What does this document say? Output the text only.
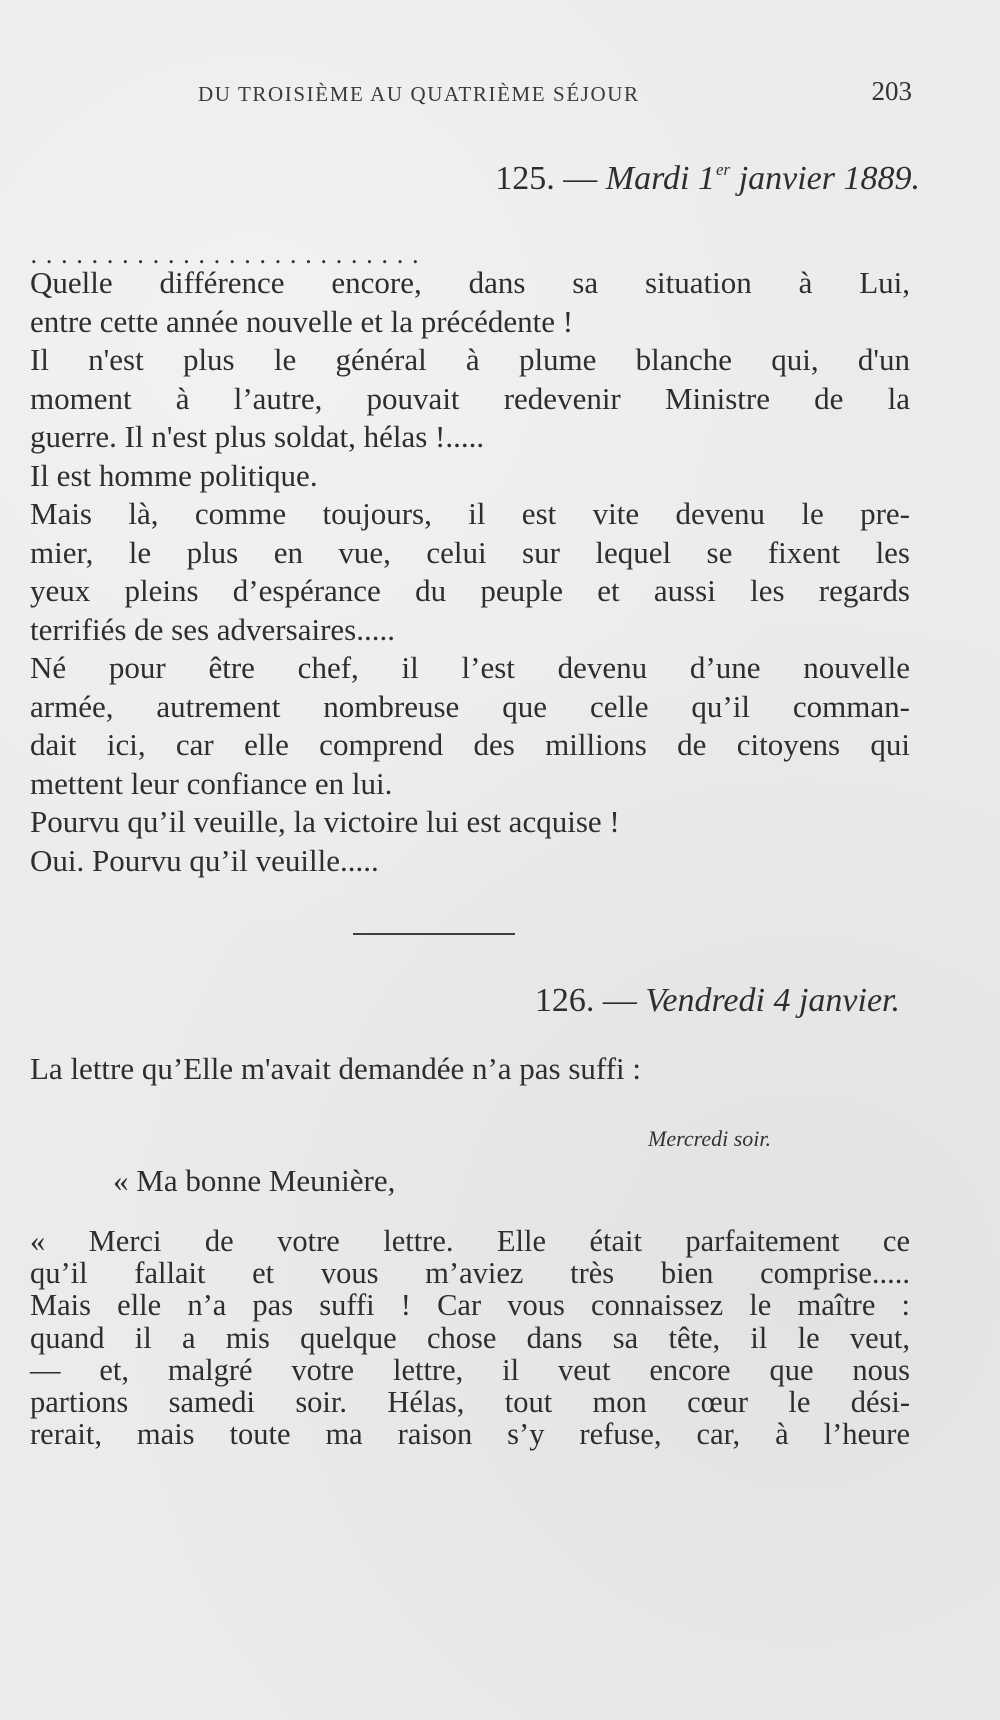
DU TROISIÈME AU QUATRIÈME SÉJOUR	203
125. — Mardi 1er janvier 1889.
. . . . . . . . . . . . . . . . . . . . . . . . . .
Quelle différence encore, dans sa situation à Lui,
entre cette année nouvelle et la précédente !
Il n'est plus le général à plume blanche qui, d'un
moment à l’autre, pouvait redevenir Ministre de la
guerre. Il n'est plus soldat, hélas !.....
Il est homme politique.
Mais là, comme toujours, il est vite devenu le pre-
mier, le plus en vue, celui sur lequel se fixent les
yeux pleins d’espérance du peuple et aussi les regards
terrifiés de ses adversaires.....
Né pour être chef, il l’est devenu d’une nouvelle
armée, autrement nombreuse que celle qu’il comman-
dait ici, car elle comprend des millions de citoyens qui
mettent leur confiance en lui.
Pourvu qu’il veuille, la victoire lui est acquise !
Oui. Pourvu qu’il veuille.....
126. — Vendredi 4 janvier.
La lettre qu’Elle m'avait demandée n’a pas suffi :
Mercredi soir.
« Ma bonne Meunière,
« Merci de votre lettre. Elle était parfaitement ce
qu’il fallait et vous m’aviez très bien comprise.....
Mais elle n’a pas suffi ! Car vous connaissez le maître :
quand il a mis quelque chose dans sa tête, il le veut,
— et, malgré votre lettre, il veut encore que nous
partions samedi soir. Hélas, tout mon cœur le dési-
rerait, mais toute ma raison s’y refuse, car, à l’heure
